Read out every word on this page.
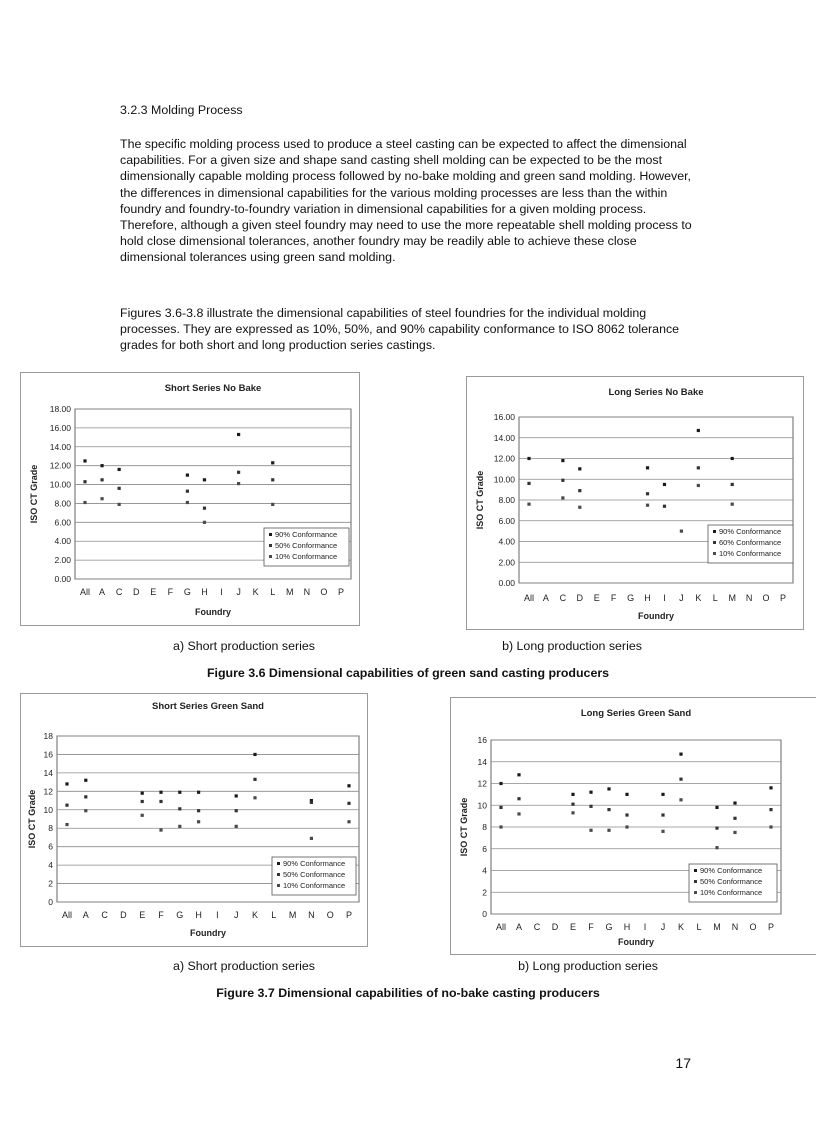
3.2.3 Molding Process

The specific molding process used to produce a steel casting can be expected to affect the dimensional capabilities. For a given size and shape sand casting shell molding can be expected to be the most dimensionally capable molding process followed by no-bake molding and green sand molding. However, the differences in dimensional capabilities for the various molding processes are less than the within foundry and foundry-to-foundry variation in dimensional capabilities for a given molding process. Therefore, although a given steel foundry may need to use the more repeatable shell molding process to hold close dimensional tolerances, another foundry may be readily able to achieve these close dimensional tolerances using green sand molding.

Figures 3.6-3.8 illustrate the dimensional capabilities of steel foundries for the individual molding processes. They are expressed as 10%, 50%, and 90% capability conformance to ISO 8062 tolerance grades for both short and long production series castings.

Short Series No Bake
0.00
2.00
4.00
6.00
8.00
10.00
12.00
14.00
16.00
18.00
All A C D E F G H I J K L M N O P
Foundry
ISO CT Grade
90% Conformance
50% Conformance
10% Conformance
Long Series No Bake
0.00
2.00
4.00
6.00
8.00
10.00
12.00
14.00
16.00
All A C D E F G H I J K L M N O P
Foundry
ISO CT Grade
90% Conformance
60% Conformance
10% Conformance

a) Short production series	b) Long production series

Figure 3.6 Dimensional capabilities of green sand casting producers

Short Series Green Sand
0
2
4
6
8
10
12
14
16
18
All A C D E F G H I J K L M N O P
Foundry
ISO CT Grade
90% Conformance
50% Conformance
10% Conformance
Long Series Green Sand
0
2
4
6
8
10
12
14
16
All A C D E F G H I J K L M N O P
Foundry
ISO CT Grade
90% Conformance
50% Conformance
10% Conformance

a) Short production series	b) Long production series

Figure 3.7 Dimensional capabilities of no-bake casting producers

17
